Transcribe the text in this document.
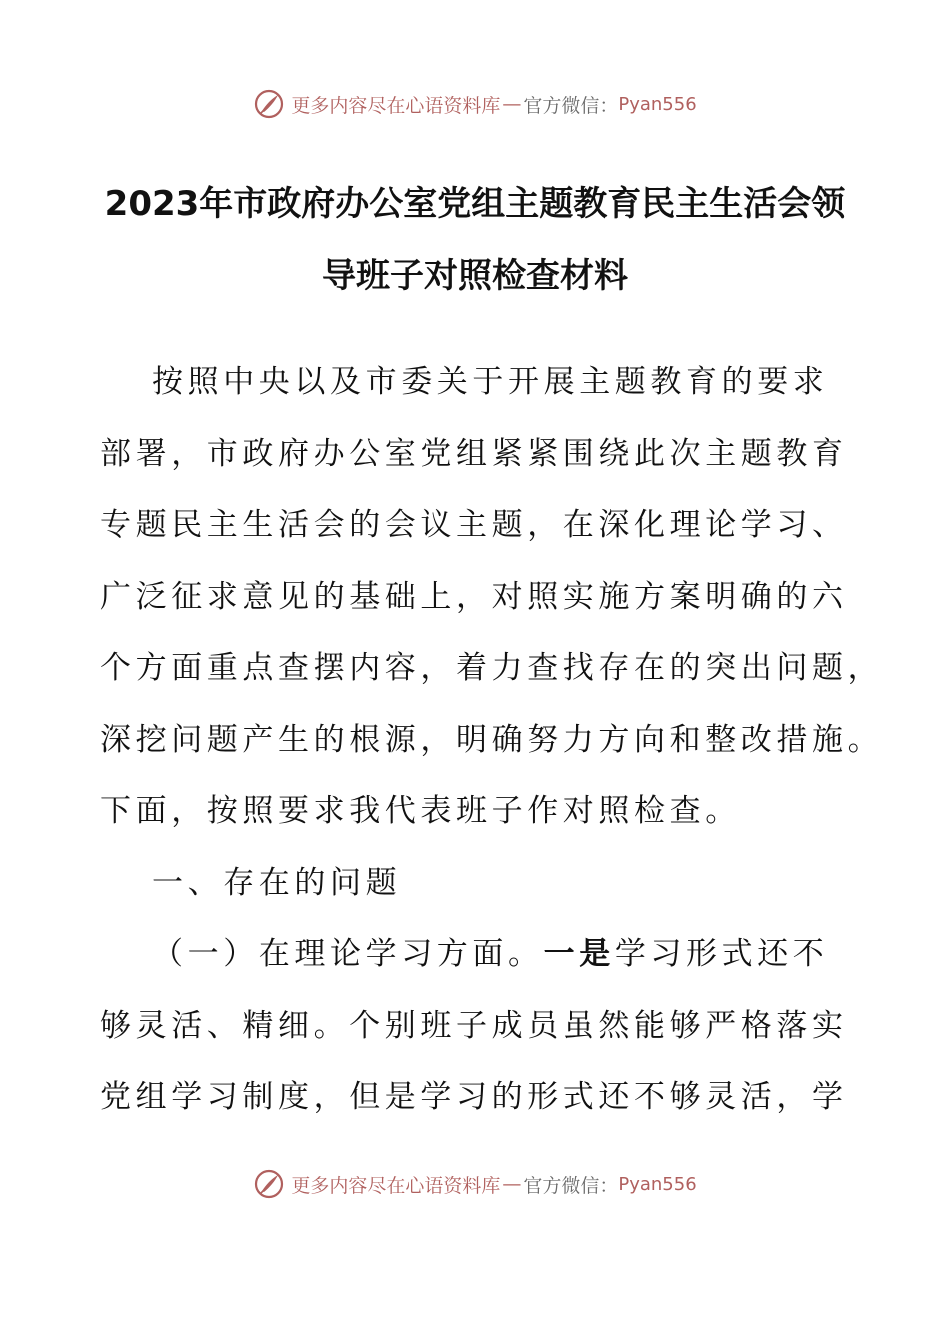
更多内容尽在心语资料库 — 官方微信： Pyan556
2023年市政府办公室党组主题教育民主生活会领
导班子对照检查材料
按照中央以及市委关于开展主题教育的要求
部署，市政府办公室党组紧紧围绕此次主题教育
专题民主生活会的会议主题，在深化理论学习、
广泛征求意见的基础上，对照实施方案明确的六
个方面重点查摆内容，着力查找存在的突出问题，
深挖问题产生的根源，明确努力方向和整改措施。
下面，按照要求我代表班子作对照检查。
一、存在的问题
（一）在理论学习方面。一是学习形式还不
够灵活、精细。个别班子成员虽然能够严格落实
党组学习制度，但是学习的形式还不够灵活，学
更多内容尽在心语资料库 — 官方微信： Pyan556
